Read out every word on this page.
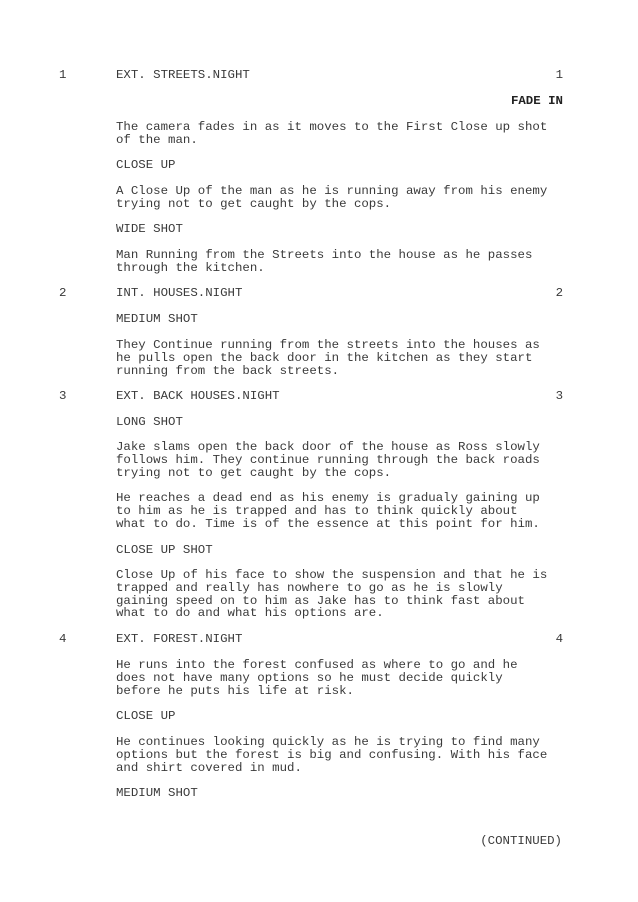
1	EXT. STREETS.NIGHT	1
FADE IN

The camera fades in as it moves to the First Close up shot
of the man.

CLOSE UP

A Close Up of the man as he is running away from his enemy
trying not to get caught by the cops.

WIDE SHOT

Man Running from the Streets into the house as he passes
through the kitchen.

2	INT. HOUSES.NIGHT	2

MEDIUM SHOT

They Continue running from the streets into the houses as
he pulls open the back door in the kitchen as they start
running from the back streets.

3	EXT. BACK HOUSES.NIGHT	3

LONG SHOT

Jake slams open the back door of the house as Ross slowly
follows him. They continue running through the back roads
trying not to get caught by the cops.

He reaches a dead end as his enemy is gradualy gaining up
to him as he is trapped and has to think quickly about
what to do. Time is of the essence at this point for him.

CLOSE UP SHOT

Close Up of his face to show the suspension and that he is
trapped and really has nowhere to go as he is slowly
gaining speed on to him as Jake has to think fast about
what to do and what his options are.

4	EXT. FOREST.NIGHT	4

He runs into the forest confused as where to go and he
does not have many options so he must decide quickly
before he puts his life at risk.

CLOSE UP

He continues looking quickly as he is trying to find many
options but the forest is big and confusing. With his face
and shirt covered in mud.

MEDIUM SHOT

(CONTINUED)
